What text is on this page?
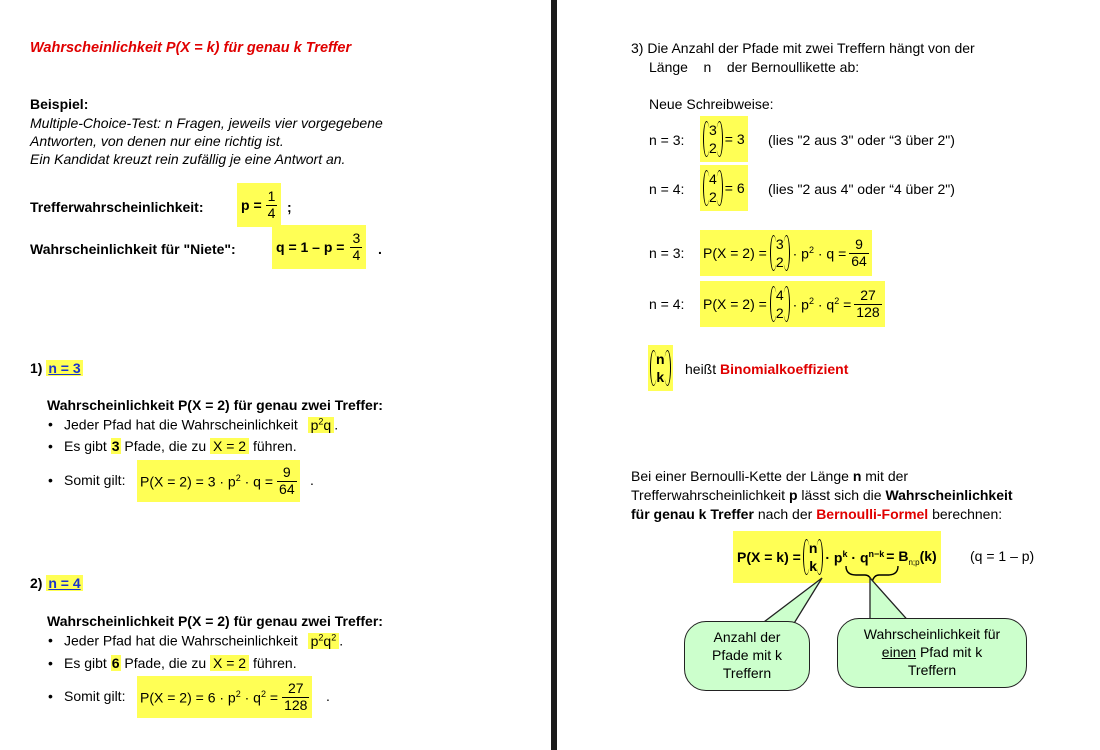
Wahrscheinlichkeit P(X = k) für genau k Treffer
Beispiel:
Multiple-Choice-Test: n Fragen, jeweils vier vorgegebene
Antworten, von denen nur eine richtig ist.
Ein Kandidat kreuzt rein zufällig je eine Antwort an.
Trefferwahrscheinlichkeit:	$p = \frac{1}{4}$ ;
Wahrscheinlichkeit für "Niete":	$q = 1 - p = \frac{3}{4}$ .
1) n = 3
Wahrscheinlichkeit P(X = 2) für genau zwei Treffer:
• Jeder Pfad hat die Wahrscheinlichkeit $p^2q$ .
• Es gibt 3 Pfade, die zu X = 2 führen.
• Somit gilt: $P(X = 2) = 3 \cdot p^2 \cdot q = \frac{9}{64}$ .
2) n = 4
Wahrscheinlichkeit P(X = 2) für genau zwei Treffer:
• Jeder Pfad hat die Wahrscheinlichkeit $p^2q^2$ .
• Es gibt 6 Pfade, die zu X = 2 führen.
• Somit gilt: $P(X = 2) = 6 \cdot p^2 \cdot q^2 = \frac{27}{128}$ .
3) Die Anzahl der Pfade mit zwei Treffern hängt von der
Länge    n    der Bernoullikette ab:
Neue Schreibweise:
n = 3:
3
2
= 3 (lies "2 aus 3" oder “3 über 2")
n = 4:
4
2
= 6 (lies "2 aus 4" oder “4 über 2")
n = 3: P(X = 2) =
3
2
· $p^2 \cdot q = \frac{9}{64}$
n = 4: P(X = 2) =
4
2
· $p^2 \cdot q^2 = \frac{27}{128}$
n
k heißt Binomialkoeffizient
Bei einer Bernoulli-Kette der Länge n mit der
Trefferwahrscheinlichkeit p lässt sich die Wahrscheinlichkeit
für genau k Treffer nach der Bernoulli-Formel berechnen:
P(X = k) =
n
k
· $p^k \cdot q^{n-k} = B_{n;p}(k) (q = 1 - p)$
Anzahl der
Pfade mit k
Treffern
Wahrscheinlichkeit für
einen Pfad mit k
Treffern
